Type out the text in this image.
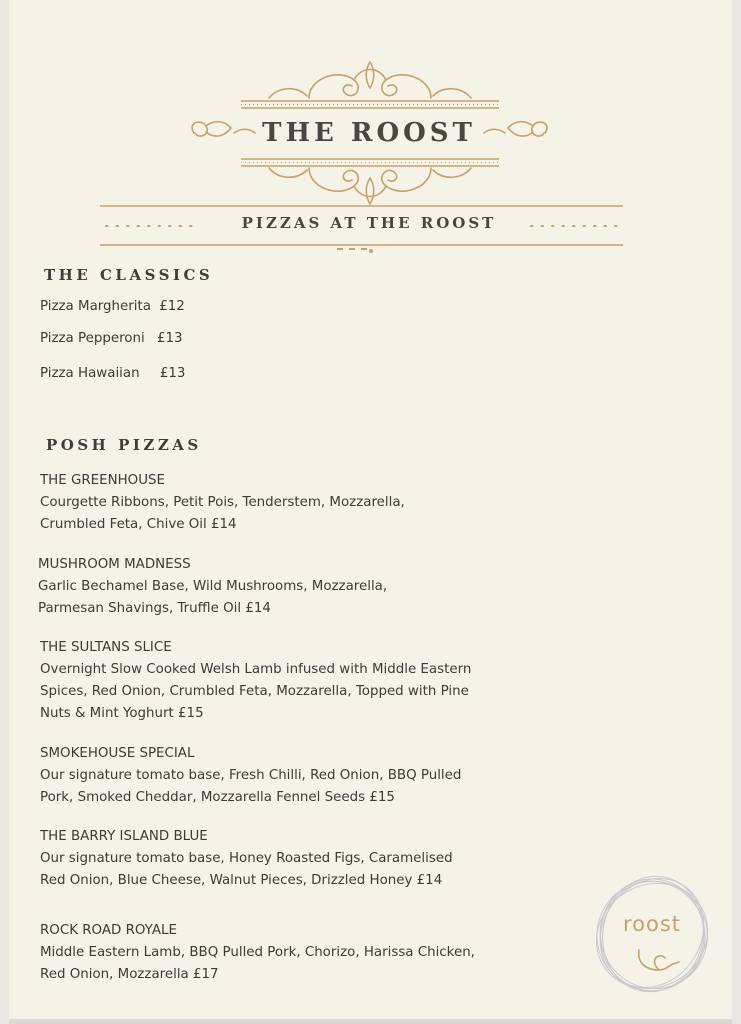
THE ROOST
PIZZAS AT THE ROOST
THE CLASSICS
Pizza Margherita £12
Pizza Pepperoni £13
Pizza Hawaiian £13
POSH PIZZAS
THE GREENHOUSE
Courgette Ribbons, Petit Pois, Tenderstem, Mozzarella,
Crumbled Feta, Chive Oil £14
MUSHROOM MADNESS
Garlic Bechamel Base, Wild Mushrooms, Mozzarella,
Parmesan Shavings, Truffle Oil £14
THE SULTANS SLICE
Overnight Slow Cooked Welsh Lamb infused with Middle Eastern
Spices, Red Onion, Crumbled Feta, Mozzarella, Topped with Pine
Nuts & Mint Yoghurt £15
SMOKEHOUSE SPECIAL
Our signature tomato base, Fresh Chilli, Red Onion, BBQ Pulled
Pork, Smoked Cheddar, Mozzarella Fennel Seeds £15
THE BARRY ISLAND BLUE
Our signature tomato base, Honey Roasted Figs, Caramelised
Red Onion, Blue Cheese, Walnut Pieces, Drizzled Honey £14
ROCK ROAD ROYALE
Middle Eastern Lamb, BBQ Pulled Pork, Chorizo, Harissa Chicken,
Red Onion, Mozzarella £17
roost
